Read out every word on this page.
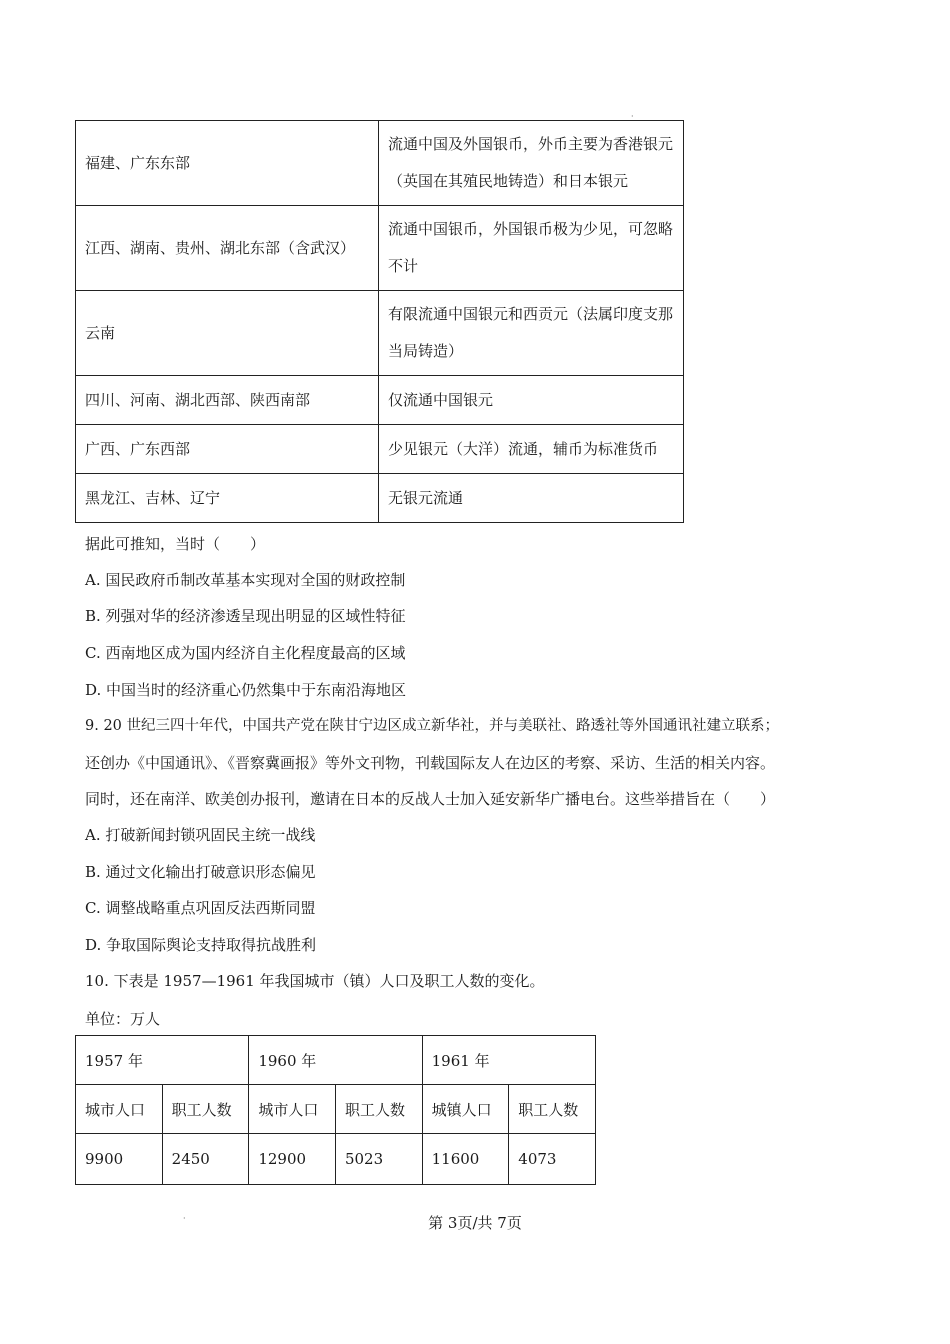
·
福建、广东东部	流通中国及外国银币，外币主要为香港银元（英国在其殖民地铸造）和日本银元
江西、湖南、贵州、湖北东部（含武汉）	流通中国银币，外国银币极为少见，可忽略不计
云南	有限流通中国银元和西贡元（法属印度支那当局铸造）
四川、河南、湖北西部、陕西南部	仅流通中国银元
广西、广东西部	少见银元（大洋）流通，辅币为标准货币
黑龙江、吉林、辽宁	无银元流通
据此可推知，当时（　　）
A. 国民政府币制改革基本实现对全国的财政控制
B. 列强对华的经济渗透呈现出明显的区域性特征
C. 西南地区成为国内经济自主化程度最高的区域
D. 中国当时的经济重心仍然集中于东南沿海地区
9. 20 世纪三四十年代，中国共产党在陕甘宁边区成立新华社，并与美联社、路透社等外国通讯社建立联系；
还创办《中国通讯》、《晋察冀画报》等外文刊物，刊载国际友人在边区的考察、采访、生活的相关内容。
同时，还在南洋、欧美创办报刊，邀请在日本的反战人士加入延安新华广播电台。这些举措旨在（　　）
A. 打破新闻封锁巩固民主统一战线
B. 通过文化输出打破意识形态偏见
C. 调整战略重点巩固反法西斯同盟
D. 争取国际舆论支持取得抗战胜利
10. 下表是 1957—1961 年我国城市（镇）人口及职工人数的变化。
单位：万人
1957 年		1960 年		1961 年	
城市人口	职工人数	城市人口	职工人数	城镇人口	职工人数
9900	2450	12900	5023	11600	4073
·	第 3页/共 7页
